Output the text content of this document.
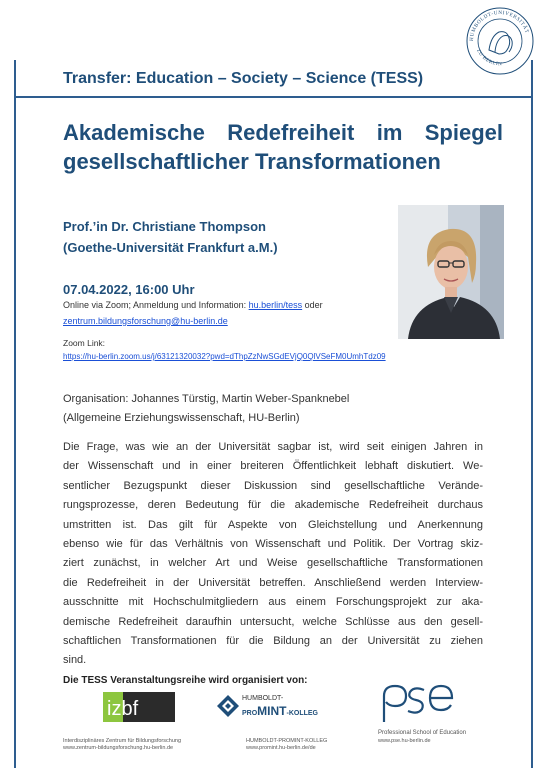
HUMBOLDT-UNIVERSITÄT
ZU BERLIN
Transfer: Education – Society – Science (TESS)
Akademische Redefreiheit im Spiegel
gesellschaftlicher Transformationen
Prof.’in Dr. Christiane Thompson
(Goethe-Universität Frankfurt a.M.)
07.04.2022, 16:00 Uhr
Online via Zoom; Anmeldung und Information: hu.berlin/tess oder
zentrum.bildungsforschung@hu-berlin.de
Zoom Link:
https://hu-berlin.zoom.us/j/63121320032?pwd=dThpZzNwSGdEVjQ0QlVSeFM0UmhTdz09
Organisation: Johannes Türstig, Martin Weber-Spanknebel
(Allgemeine Erziehungswissenschaft, HU-Berlin)
Die Frage, was wie an der Universität sagbar ist, wird seit einigen Jahren in
der Wissenschaft und in einer breiteren Öffentlichkeit lebhaft diskutiert. We-
sentlicher Bezugspunkt dieser Diskussion sind gesellschaftliche Verände-
rungsprozesse, deren Bedeutung für die akademische Redefreiheit durchaus
umstritten ist. Das gilt für Aspekte von Gleichstellung und Anerkennung
ebenso wie für das Verhältnis von Wissenschaft und Politik. Der Vortrag skiz-
ziert zunächst, in welcher Art und Weise gesellschaftliche Transformationen
die Redefreiheit in der Universität betreffen. Anschließend werden Interview-
ausschnitte mit Hochschulmitgliedern aus einem Forschungsprojekt zur aka-
demische Redefreiheit daraufhin untersucht, welche Schlüsse aus den gesell-
schaftlichen Transformationen für die Bildung an der Universität zu ziehen
sind.
Die TESS Veranstaltungsreihe wird organisiert von:
izbf
Interdisziplinäres Zentrum für Bildungsforschung
www.zentrum-bildungsforschung.hu-berlin.de
HUMBOLDT-
PROMINT-KOLLEG
HUMBOLDT-PROMINT-KOLLEG
www.promint.hu-berlin.de/de
Professional School of Education
www.pse.hu-berlin.de
